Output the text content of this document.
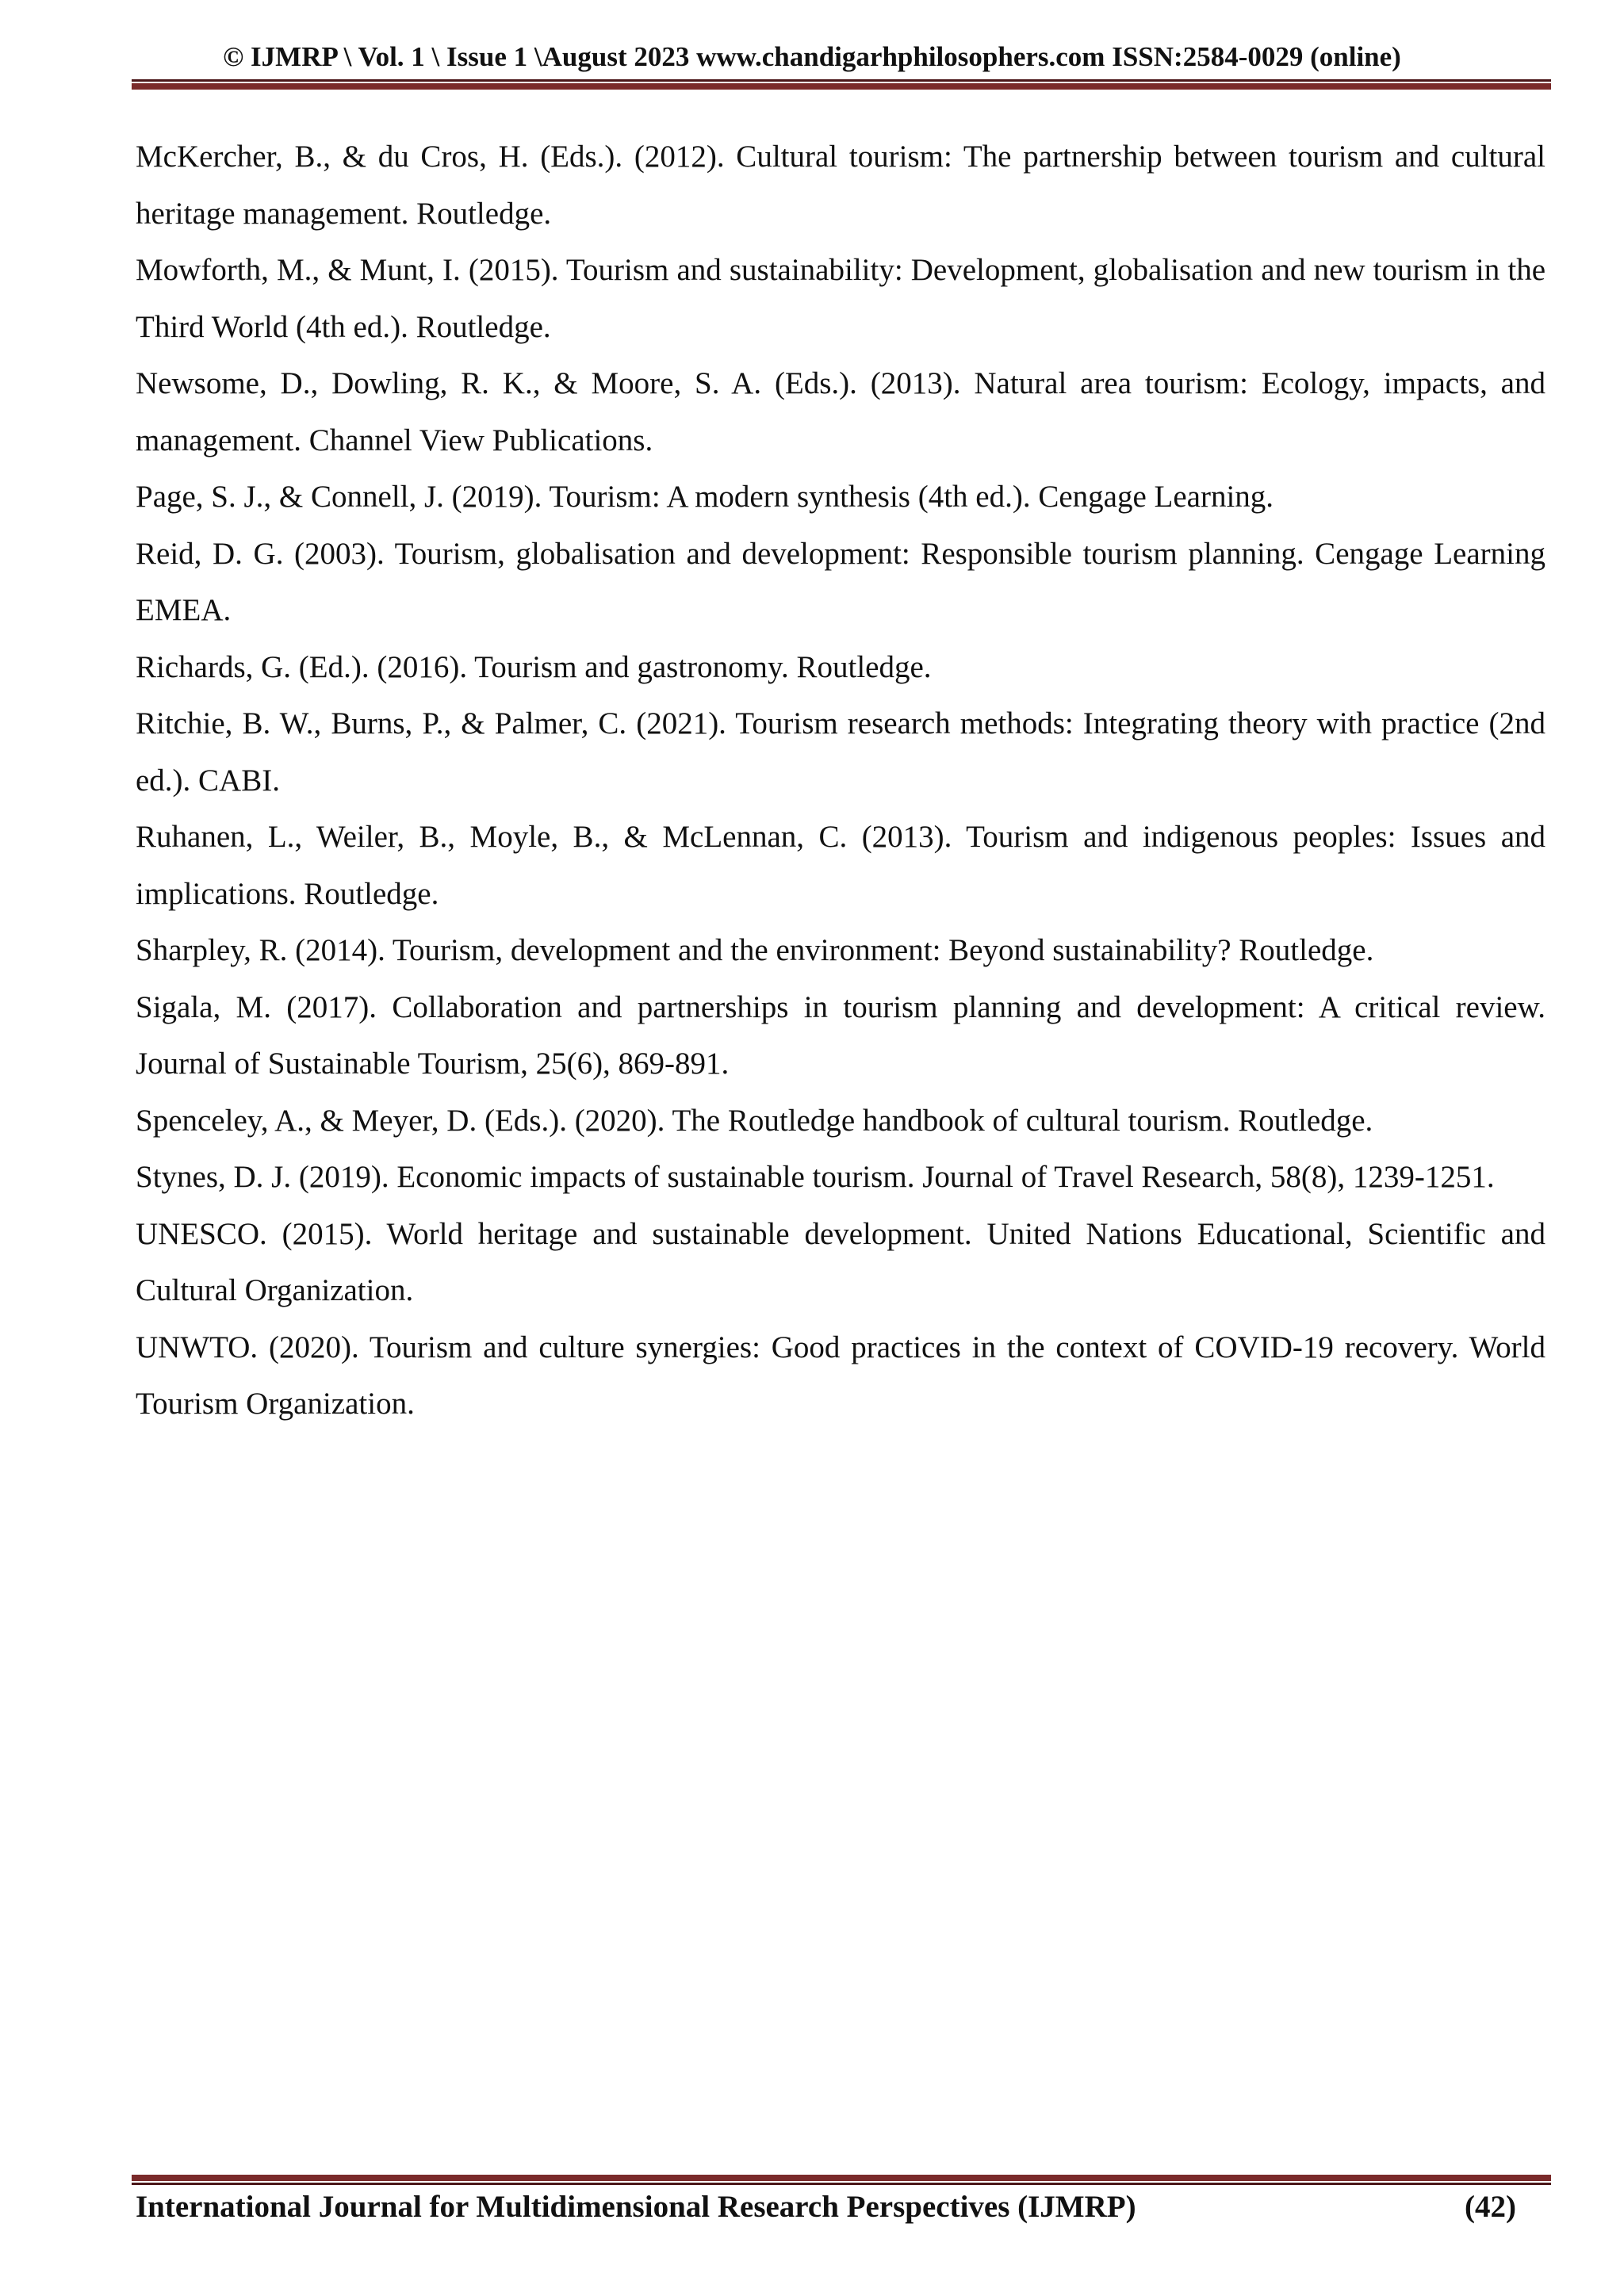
© IJMRP \ Vol. 1 \ Issue 1 \August 2023 www.chandigarhphilosophers.com ISSN:2584-0029 (online)

McKercher, B., & du Cros, H. (Eds.). (2012). Cultural tourism: The partnership between tourism and cultural heritage management. Routledge.

Mowforth, M., & Munt, I. (2015). Tourism and sustainability: Development, globalisation and new tourism in the Third World (4th ed.). Routledge.

Newsome, D., Dowling, R. K., & Moore, S. A. (Eds.). (2013). Natural area tourism: Ecology, impacts, and management. Channel View Publications.

Page, S. J., & Connell, J. (2019). Tourism: A modern synthesis (4th ed.). Cengage Learning.

Reid, D. G. (2003). Tourism, globalisation and development: Responsible tourism planning. Cengage Learning EMEA.

Richards, G. (Ed.). (2016). Tourism and gastronomy. Routledge.

Ritchie, B. W., Burns, P., & Palmer, C. (2021). Tourism research methods: Integrating theory with practice (2nd ed.). CABI.

Ruhanen, L., Weiler, B., Moyle, B., & McLennan, C. (2013). Tourism and indigenous peoples: Issues and implications. Routledge.

Sharpley, R. (2014). Tourism, development and the environment: Beyond sustainability? Routledge.

Sigala, M. (2017). Collaboration and partnerships in tourism planning and development: A critical review. Journal of Sustainable Tourism, 25(6), 869-891.

Spenceley, A., & Meyer, D. (Eds.). (2020). The Routledge handbook of cultural tourism. Routledge.

Stynes, D. J. (2019). Economic impacts of sustainable tourism. Journal of Travel Research, 58(8), 1239-1251.

UNESCO. (2015). World heritage and sustainable development. United Nations Educational, Scientific and Cultural Organization.

UNWTO. (2020). Tourism and culture synergies: Good practices in the context of COVID-19 recovery. World Tourism Organization.

International Journal for Multidimensional Research Perspectives (IJMRP)	(42)
